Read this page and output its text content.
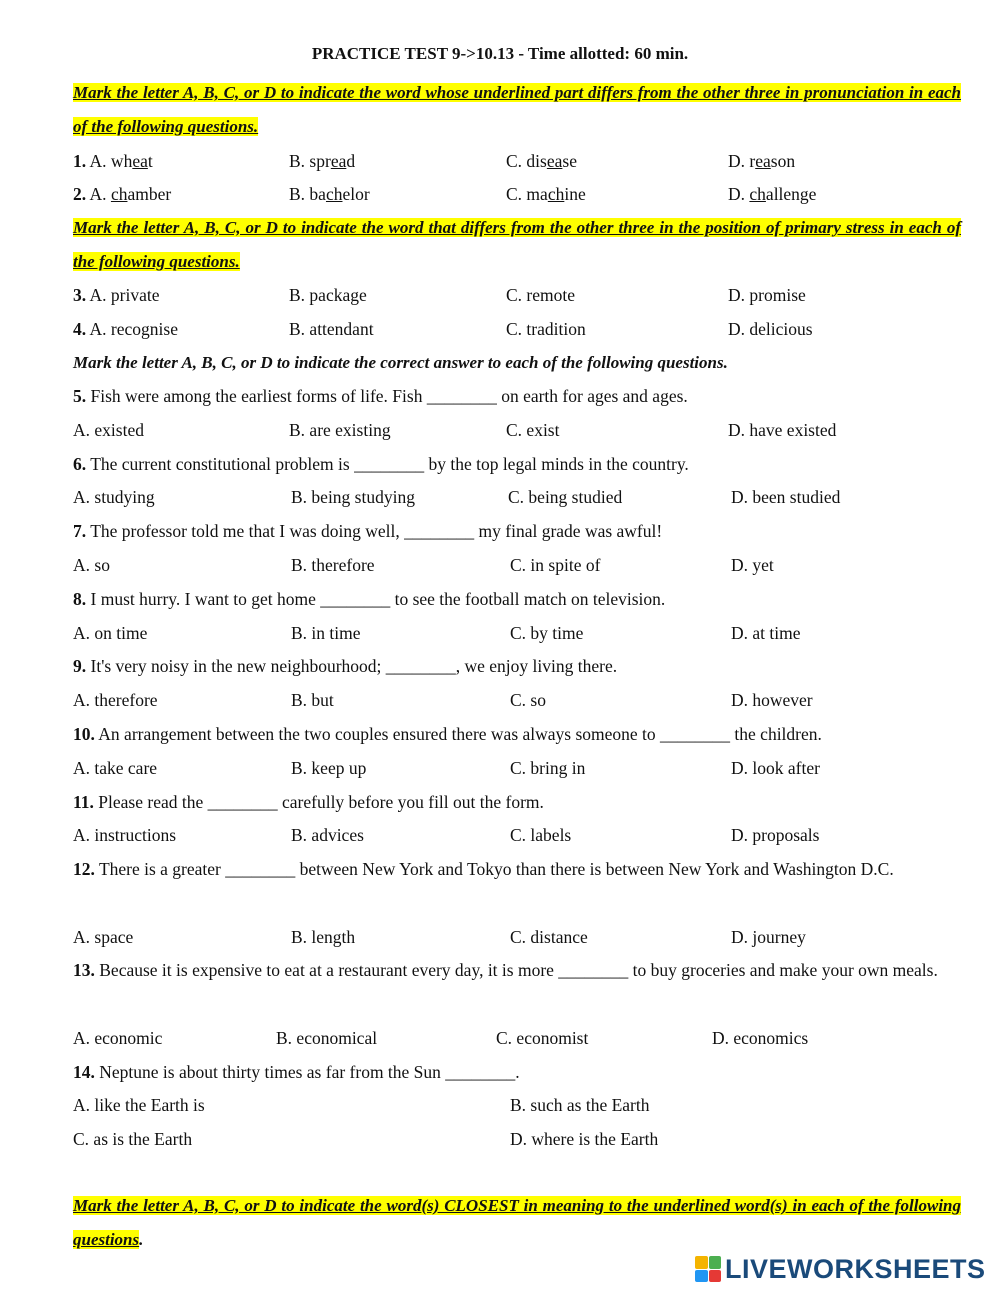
PRACTICE TEST 9->10.13 - Time allotted: 60 min.
Mark the letter A, B, C, or D to indicate the word whose underlined part differs from the other three in pronunciation in each of the following questions.
1. A. wheat	B. spread	C. disease	D. reason
2. A. chamber	B. bachelor	C. machine	D. challenge
Mark the letter A, B, C, or D to indicate the word that differs from the other three in the position of primary stress in each of the following questions.
3. A. private	B. package	C. remote	D. promise
4. A. recognise	B. attendant	C. tradition	D. delicious
Mark the letter A, B, C, or D to indicate the correct answer to each of the following questions.
5. Fish were among the earliest forms of life. Fish ________ on earth for ages and ages.
A. existed	B. are existing	C. exist	D. have existed
6. The current constitutional problem is ________ by the top legal minds in the country.
A. studying	B. being studying	C. being studied	D. been studied
7. The professor told me that I was doing well, ________ my final grade was awful!
A. so	B. therefore	C. in spite of	D. yet
8. I must hurry. I want to get home ________ to see the football match on television.
A. on time	B. in time	C. by time	D. at time
9. It's very noisy in the new neighbourhood; ________, we enjoy living there.
A. therefore	B. but	C. so	D. however
10. An arrangement between the two couples ensured there was always someone to ________ the children.
A. take care	B. keep up	C. bring in	D. look after
11. Please read the ________ carefully before you fill out the form.
A. instructions	B. advices	C. labels	D. proposals
12. There is a greater ________ between New York and Tokyo than there is between New York and Washington D.C.
A. space	B. length	C. distance	D. journey
13. Because it is expensive to eat at a restaurant every day, it is more ________ to buy groceries and make your own meals.
A. economic	B. economical	C. economist	D. economics
14. Neptune is about thirty times as far from the Sun ________.
A. like the Earth is	B. such as the Earth
C. as is the Earth	D. where is the Earth
Mark the letter A, B, C, or D to indicate the word(s) CLOSEST in meaning to the underlined word(s) in each of the following questions.
LIVEWORKSHEETS
